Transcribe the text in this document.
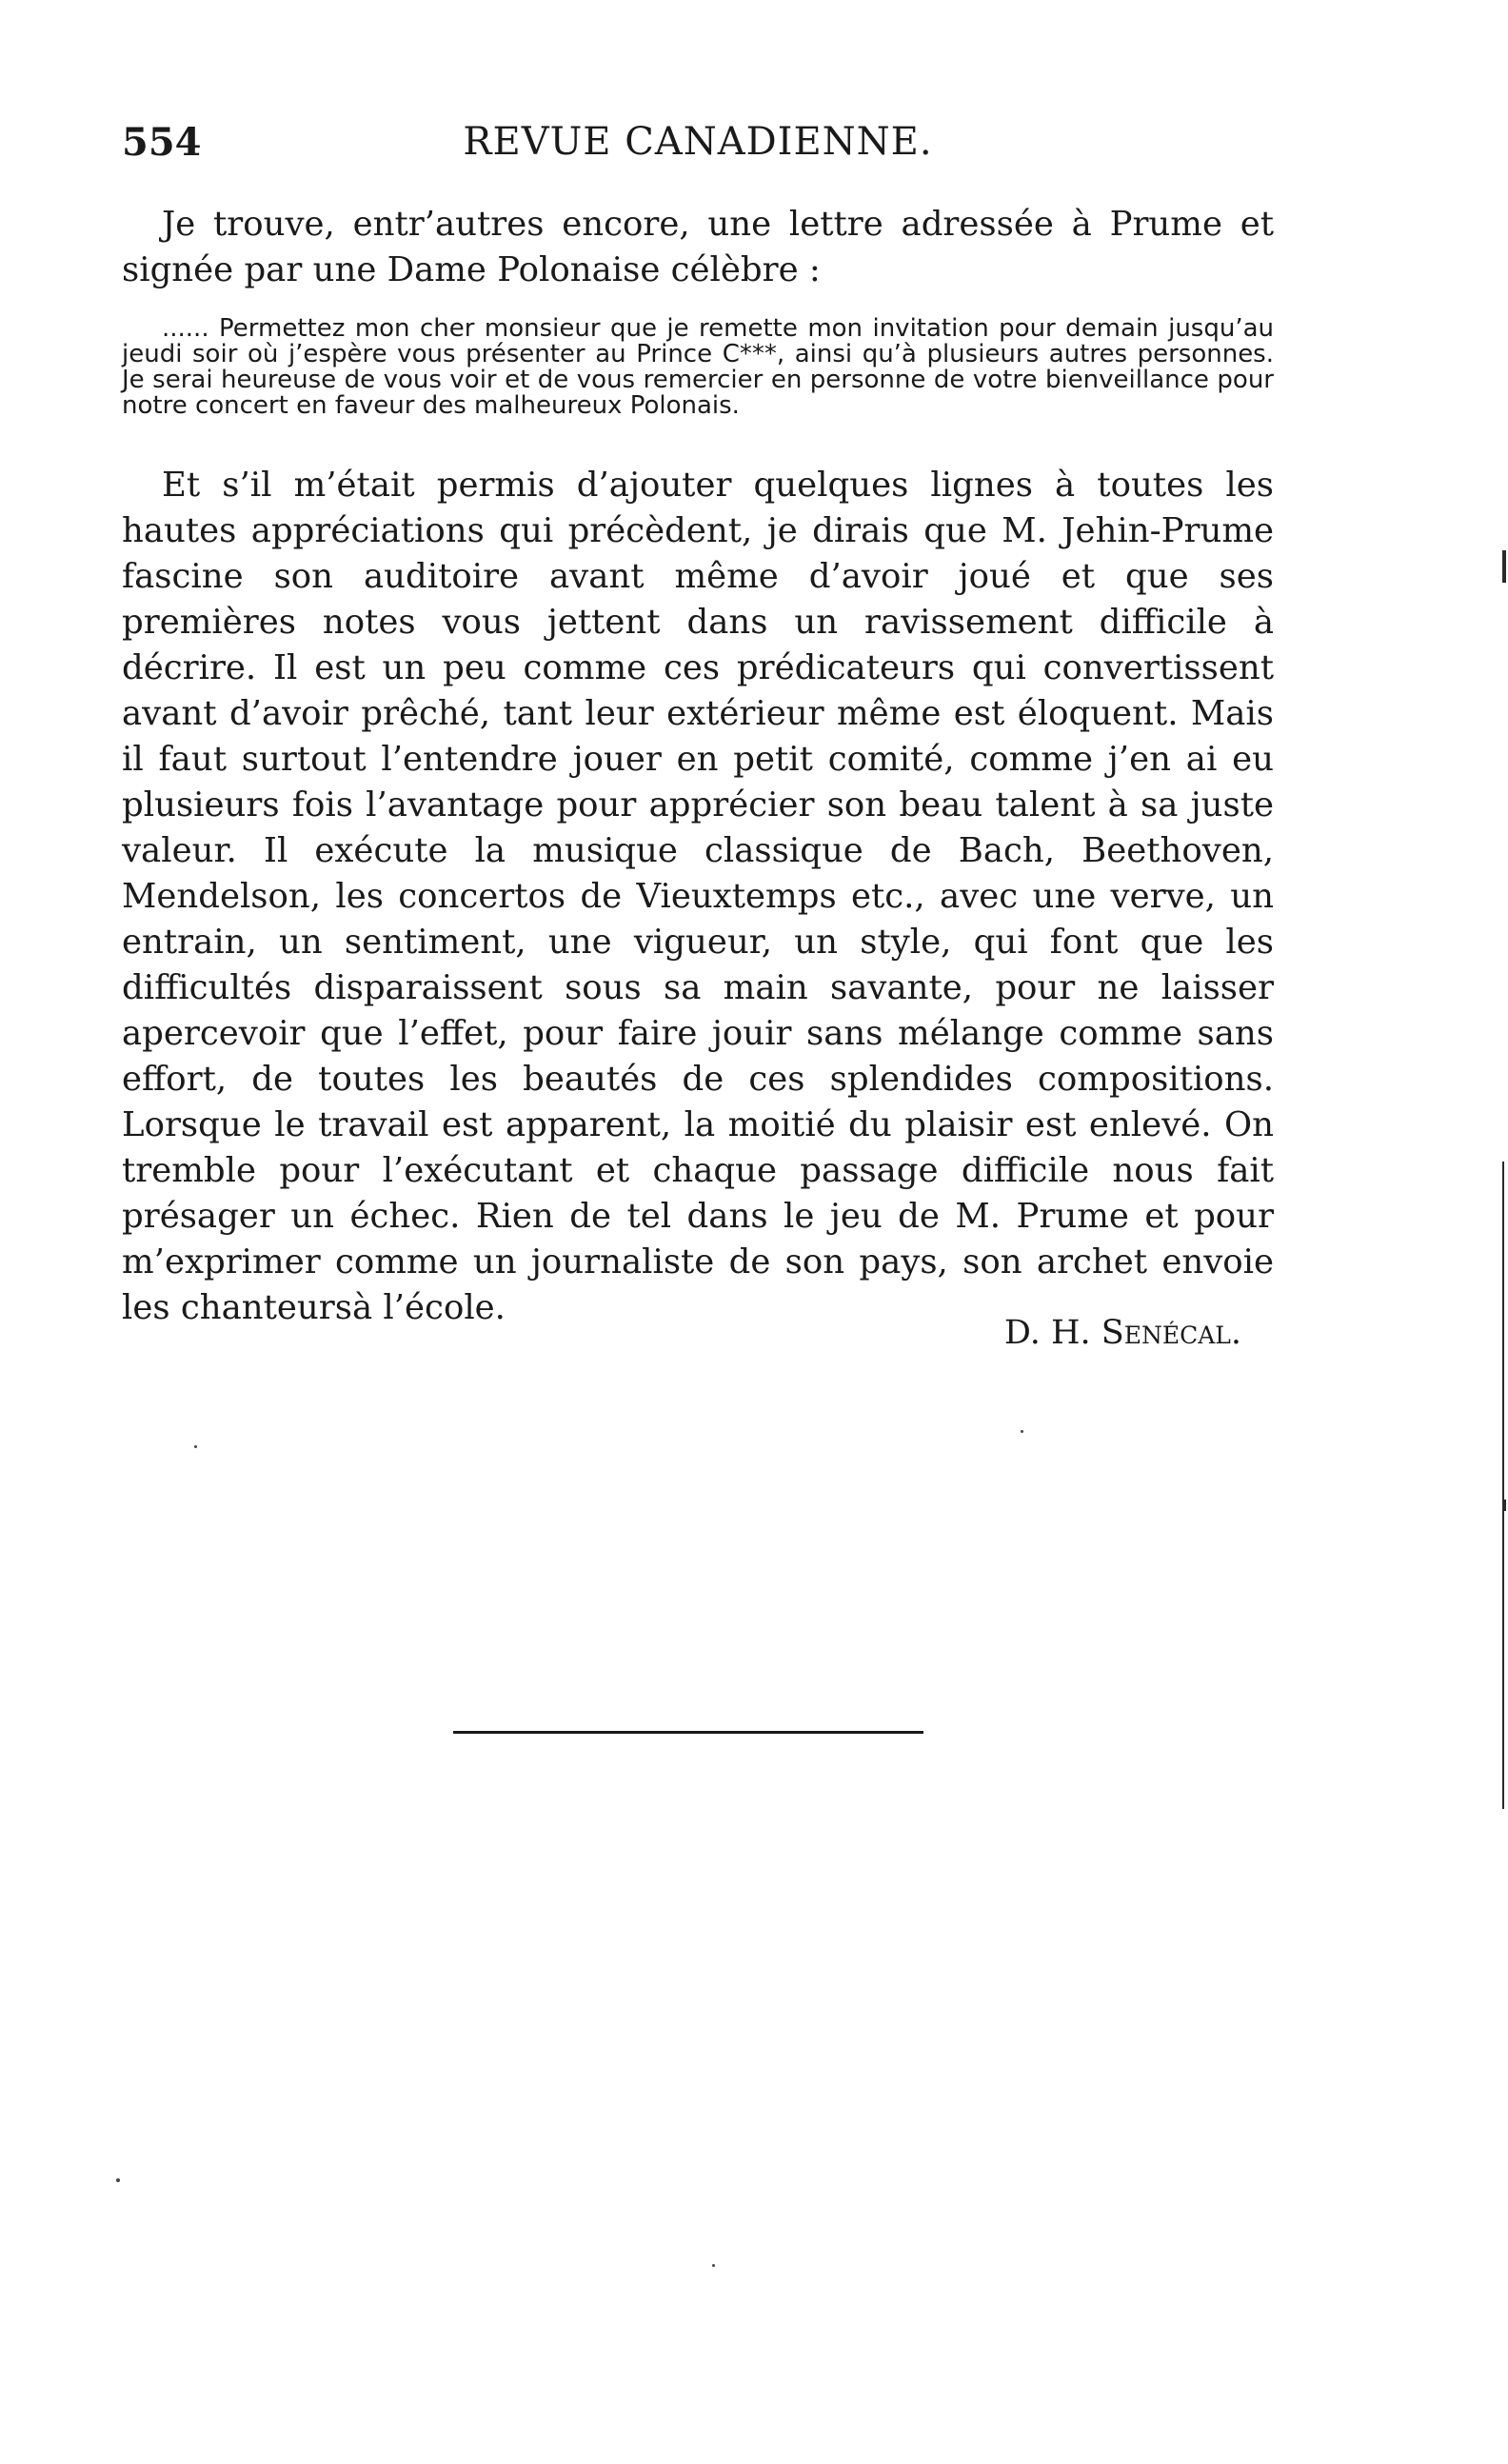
554	REVUE CANADIENNE.

Je trouve, entr’autres encore, une lettre adressée à Prume et signée par une Dame Polonaise célèbre :

...... Permettez mon cher monsieur que je remette mon invitation pour demain jusqu’au jeudi soir où j’espère vous présenter au Prince C***, ainsi qu’à plusieurs autres personnes. Je serai heureuse de vous voir et de vous remercier en personne de votre bienveillance pour notre concert en faveur des malheureux Polonais.

Et s’il m’était permis d’ajouter quelques lignes à toutes les hautes appréciations qui précèdent, je dirais que M. Jehin-Prume fascine son auditoire avant même d’avoir joué et que ses premières notes vous jettent dans un ravissement difficile à décrire. Il est un peu comme ces prédicateurs qui convertissent avant d’avoir prêché, tant leur extérieur même est éloquent. Mais il faut surtout l’entendre jouer en petit comité, comme j’en ai eu plusieurs fois l’avantage pour apprécier son beau talent à sa juste valeur. Il exécute la musique classique de Bach, Beethoven, Mendelson, les concertos de Vieuxtemps etc., avec une verve, un entrain, un sentiment, une vigueur, un style, qui font que les difficultés disparaissent sous sa main savante, pour ne laisser apercevoir que l’effet, pour faire jouir sans mélange comme sans effort, de toutes les beautés de ces splendides compositions. Lorsque le travail est apparent, la moitié du plaisir est enlevé. On tremble pour l’exécutant et chaque passage difficile nous fait présager un échec. Rien de tel dans le jeu de M. Prume et pour m’exprimer comme un journaliste de son pays, son archet envoie les chanteursà l’école.

D. H. Senécal.
